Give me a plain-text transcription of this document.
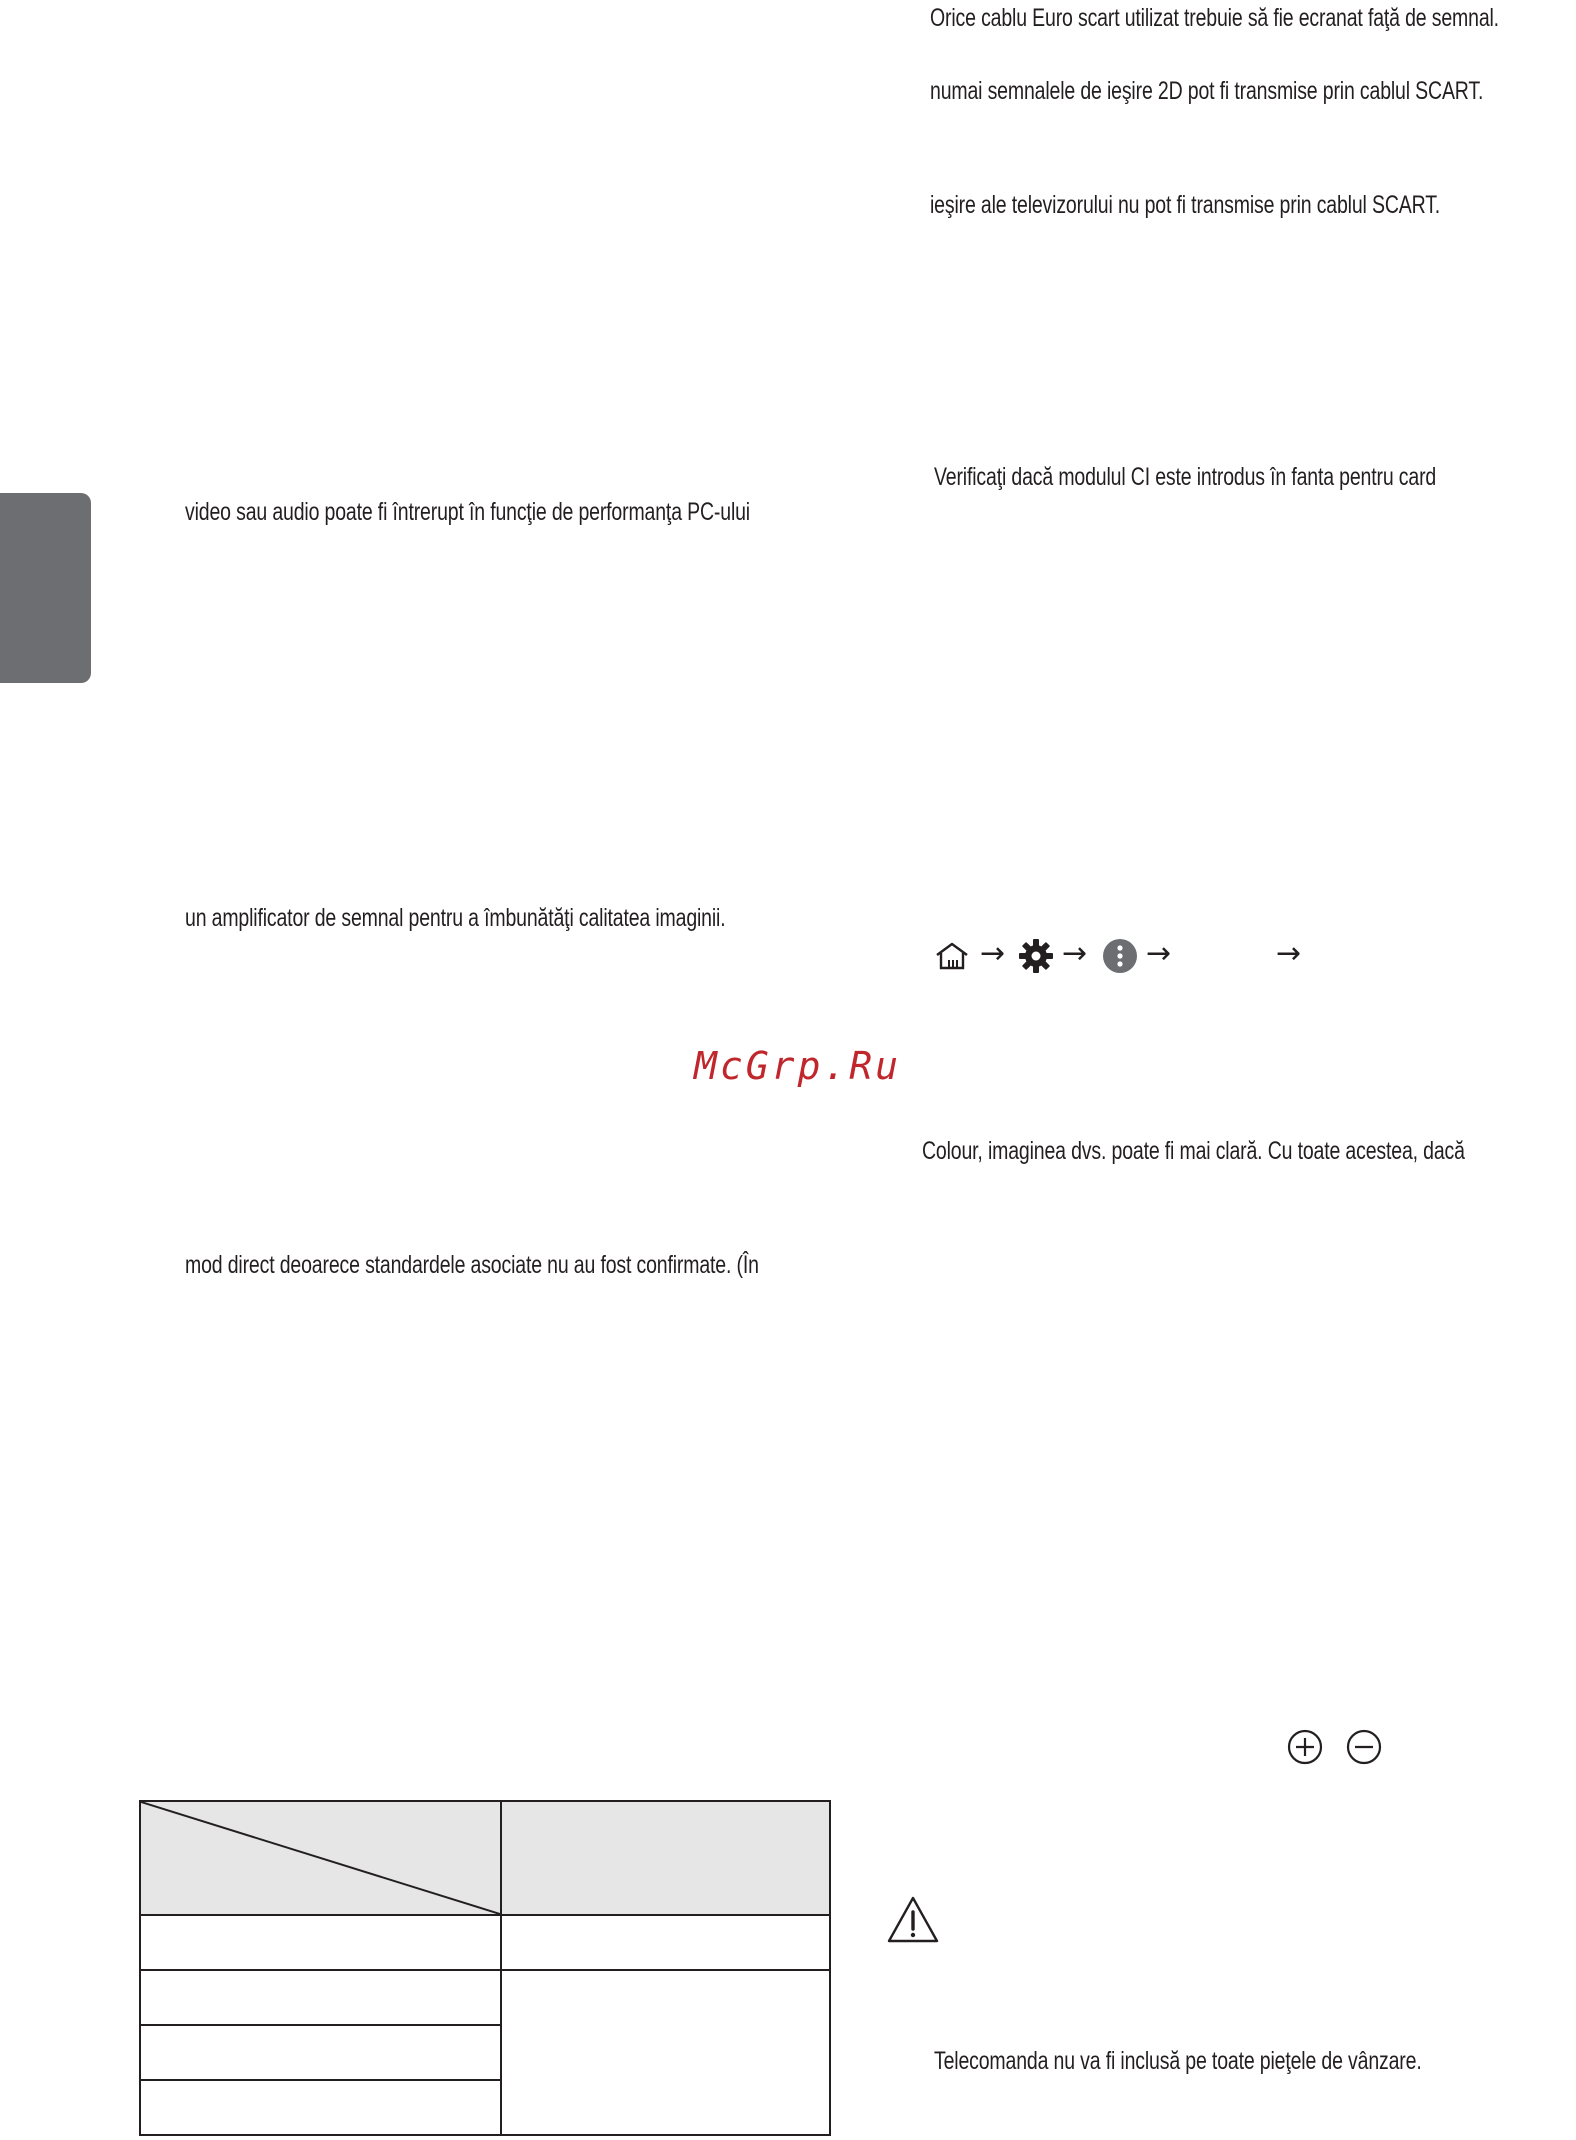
Orice cablu Euro scart utilizat trebuie să fie ecranat faţă de semnal.
numai semnalele de ieşire 2D pot fi transmise prin cablul SCART.
ieşire ale televizorului nu pot fi transmise prin cablul SCART.
Verificaţi dacă modulul CI este introdus în fanta pentru card
video sau audio poate fi întrerupt în funcţie de performanţa PC-ului
un amplificator de semnal pentru a îmbunătăţi calitatea imaginii.
→ → →	→
McGrp.Ru
Colour, imaginea dvs. poate fi mai clară. Cu toate acestea, dacă
mod direct deoarece standardele asociate nu au fost confirmate. (În

Telecomanda nu va fi inclusă pe toate pieţele de vânzare.
